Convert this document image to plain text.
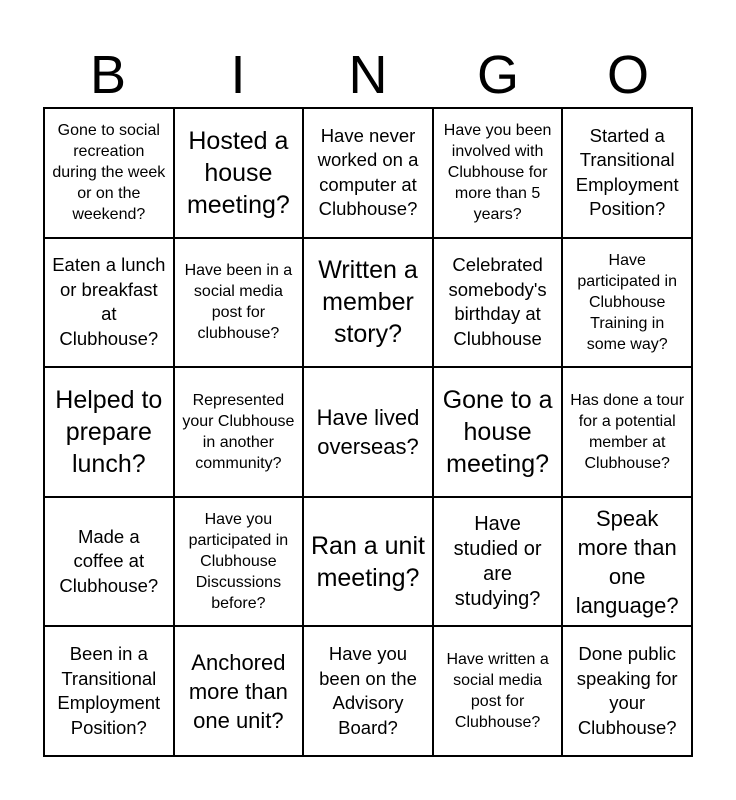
B	I	N	G	O
Gone to social recreation during the week or on the weekend?
Hosted a house meeting?
Have never worked on a computer at Clubhouse?
Have you been involved with Clubhouse for more than 5 years?
Started a Transitional Employment Position?
Eaten a lunch or breakfast at Clubhouse?
Have been in a social media post for clubhouse?
Written a member story?
Celebrated somebody's birthday at Clubhouse
Have participated in Clubhouse Training in some way?
Helped to prepare lunch?
Represented your Clubhouse in another community?
Have lived overseas?
Gone to a house meeting?
Has done a tour for a potential member at Clubhouse?
Made a coffee at Clubhouse?
Have you participated in Clubhouse Discussions before?
Ran a unit meeting?
Have studied or are studying?
Speak more than one language?
Been in a Transitional Employment Position?
Anchored more than one unit?
Have you been on the Advisory Board?
Have written a social media post for Clubhouse?
Done public speaking for your Clubhouse?
